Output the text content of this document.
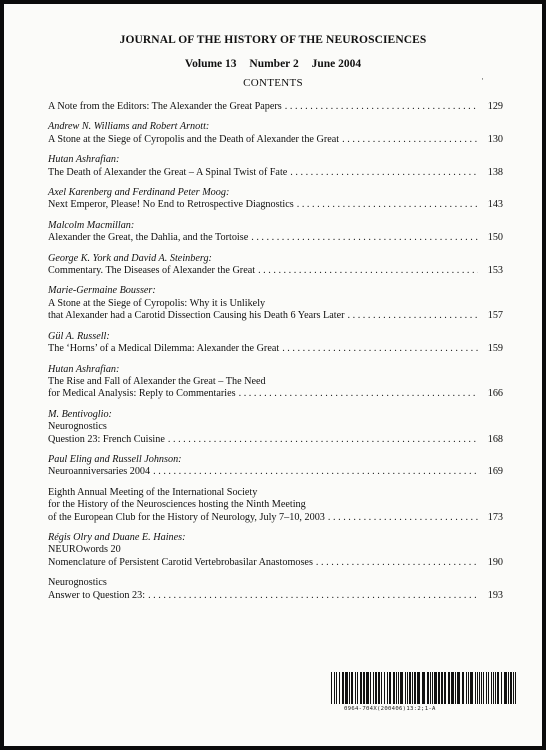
JOURNAL OF THE HISTORY OF THE NEUROSCIENCES
Volume 13 Number 2 June 2004
CONTENTS	·
A Note from the Editors: The Alexander the Great Papers . . .	129
Andrew N. Williams and Robert Arnott:
A Stone at the Siege of Cyropolis and the Death of Alexander the Great . . .	130
Hutan Ashrafian:
The Death of Alexander the Great – A Spinal Twist of Fate . . .	138
Axel Karenberg and Ferdinand Peter Moog:
Next Emperor, Please! No End to Retrospective Diagnostics . . .	143
Malcolm Macmillan:
Alexander the Great, the Dahlia, and the Tortoise . . .	150
George K. York and David A. Steinberg:
Commentary. The Diseases of Alexander the Great . . .	153
Marie-Germaine Bousser:
A Stone at the Siege of Cyropolis: Why it is Unlikely
that Alexander had a Carotid Dissection Causing his Death 6 Years Later . . .	157
Gül A. Russell:
The ‘Horns’ of a Medical Dilemma: Alexander the Great . . .	159
Hutan Ashrafian:
The Rise and Fall of Alexander the Great – The Need
for Medical Analysis: Reply to Commentaries . . .	166
M. Bentivoglio:
Neurognostics
Question 23: French Cuisine . . .	168
Paul Eling and Russell Johnson:
Neuroanniversaries 2004 . . .	169
Eighth Annual Meeting of the International Society
for the History of the Neurosciences hosting the Ninth Meeting
of the European Club for the History of Neurology, July 7–10, 2003 . . .	173
Régis Olry and Duane E. Haines:
NEUROwords 20
Nomenclature of Persistent Carotid Vertebrobasilar Anastomoses . . .	190
Neurognostics
Answer to Question 23: . . .	193
0964-704X(200406)13:2;1-A
